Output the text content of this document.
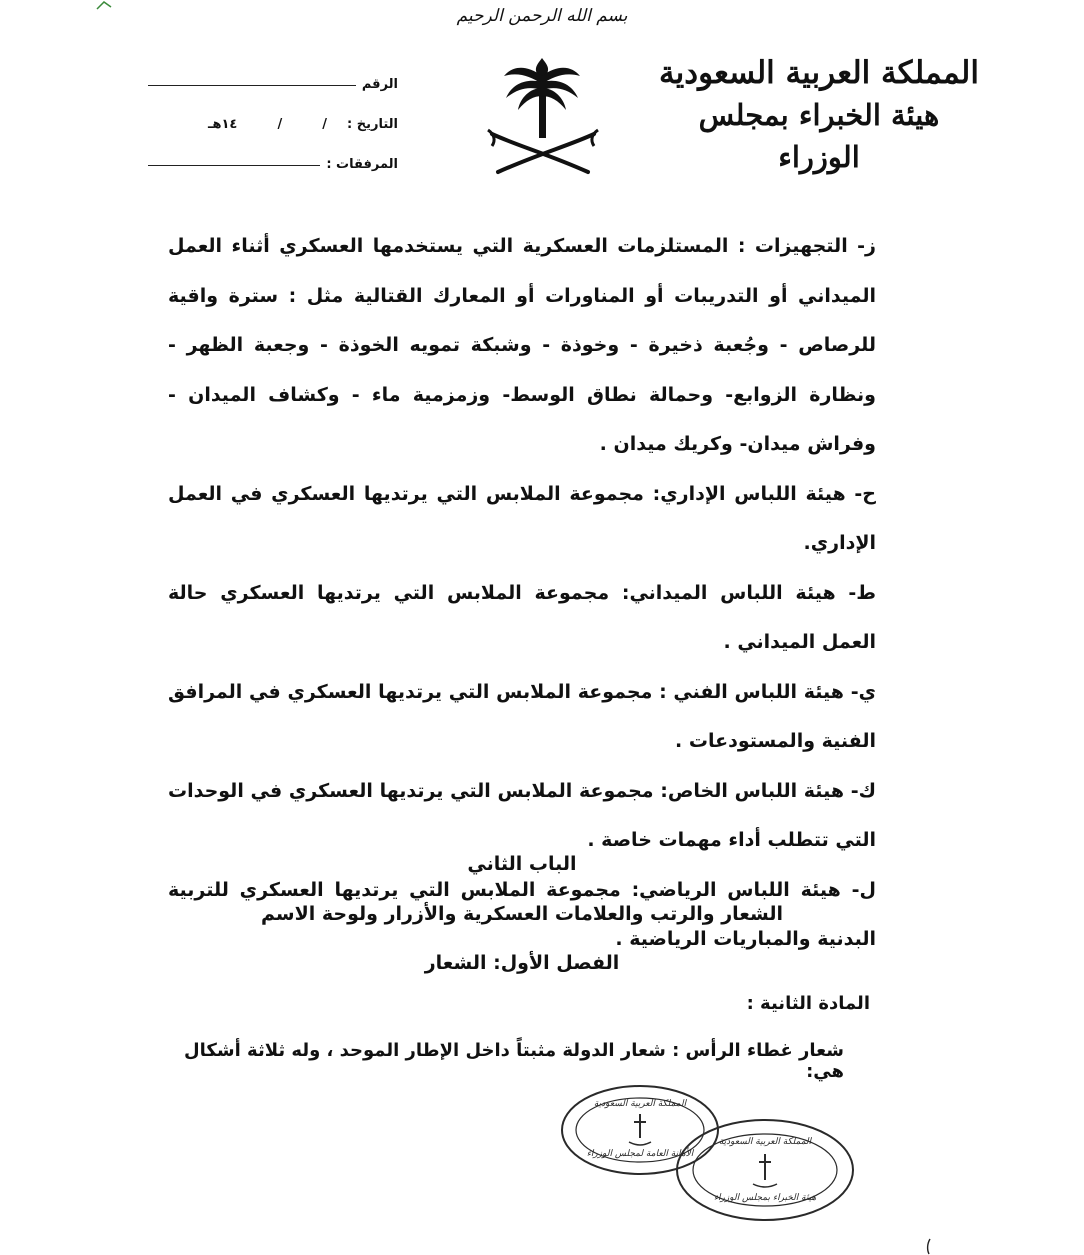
بسم الله الرحمن الرحيم
المملكة العربية السعودية
هيئة الخبراء بمجلس الوزراء
الرقم
التاريخ :
/
/
١٤هـ
المرفقات :
ز- التجهيزات : المستلزمات العسكرية التي يستخدمها العسكري أثناء العمل الميداني أو التدريبات أو المناورات أو المعارك القتالية مثل : سترة واقية للرصاص - وجُعبة ذخيرة - وخوذة - وشبكة تمويه الخوذة - وجعبة الظهر - ونظارة الزوابع- وحمالة نطاق الوسط- وزمزمية ماء - وكشاف الميدان - وفراش ميدان- وكريك ميدان .
ح- هيئة اللباس الإداري: مجموعة الملابس التي يرتديها العسكري في العمل الإداري.
ط- هيئة اللباس الميداني: مجموعة الملابس التي يرتديها العسكري حالة العمل الميداني .
ي- هيئة اللباس الفني : مجموعة الملابس التي يرتديها العسكري في المرافق الفنية والمستودعات .
ك- هيئة اللباس الخاص: مجموعة الملابس التي يرتديها العسكري في الوحدات التي تتطلب أداء مهمات خاصة .
ل- هيئة اللباس الرياضي: مجموعة الملابس التي يرتديها العسكري للتربية البدنية والمباريات الرياضية .
الباب الثاني
الشعار والرتب والعلامات العسكرية والأزرار ولوحة الاسم
الفصل الأول: الشعار
المادة الثانية :
شعار غطاء الرأس : شعار الدولة مثبتاً داخل الإطار الموحد ، وله ثلاثة أشكال هي:
المملكة العربية السعودية
الأمانة العامة لمجلس الوزراء
المملكة العربية السعودية
هيئة الخبراء بمجلس الوزراء
